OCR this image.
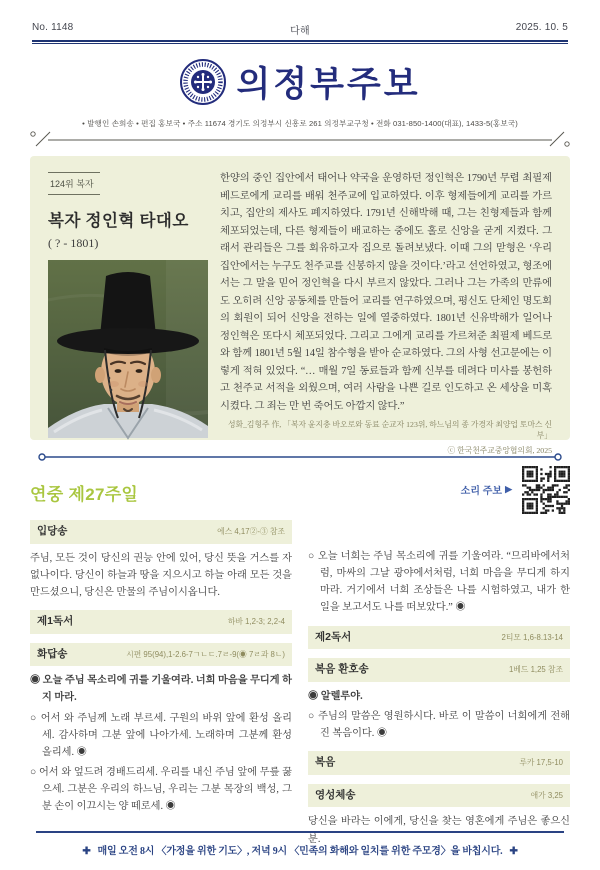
No. 1148	다해	2025. 10. 5
의정부주보
• 발행인 손희송 • 편집 홍보국 • 주소 11674 경기도 의정부시 신흥로 261 의정부교구청 • 전화 031-850-1400(대표), 1433-5(홍보국)
124위 복자
복자 정인혁 타대오
( ? - 1801)

한양의 중인 집안에서 태어나 약국을 운영하던 정인혁은 1790년 무렵 최필제 베드로에게 교리를 배워 천주교에 입교하였다. 이후 형제들에게 교리를 가르치고, 집안의 제사도 폐지하였다. 1791년 신해박해 때, 그는 친형제들과 함께 체포되었는데, 다른 형제들이 배교하는 중에도 홀로 신앙을 굳게 지켰다. 그래서 관리들은 그를 회유하고자 집으로 돌려보냈다. 이때 그의 맏형은 ‘우리 집안에서는 누구도 천주교를 신봉하지 않을 것이다.’라고 선언하였고, 형조에서는 그 말을 믿어 정인혁을 다시 부르지 않았다. 그러나 그는 가족의 만류에도 오히려 신앙 공동체를 만들어 교리를 연구하였으며, 평신도 단체인 명도회의 회원이 되어 신앙을 전하는 일에 열중하였다. 1801년 신유박해가 일어나 정인혁은 또다시 체포되었다. 그리고 그에게 교리를 가르쳐준 최필제 베드로와 함께 1801년 5월 14일 참수형을 받아 순교하였다. 그의 사형 선고문에는 이렇게 적혀 있었다. “… 매월 7일 동료들과 함께 신부를 데려다 미사를 봉헌하고 천주교 서적을 외웠으며, 여러 사람을 나쁜 길로 인도하고 온 세상을 미혹시켰다. 그 죄는 만 번 죽어도 아깝지 않다.”

성화_김형주 作, 「복자 윤지충 바오로와 동료 순교자 123위, 하느님의 종 가경자 최양업 토마스 신부」
ⓒ 한국천주교중앙협의회, 2025
연중 제27주일	소리 주보 ▶
입당송	에스 4,17②-③ 참조

주님, 모든 것이 당신의 권능 안에 있어, 당신 뜻을 거스를 자 없나이다. 당신이 하늘과 땅을 지으시고 하늘 아래 모든 것을 만드셨으니, 당신은 만물의 주님이시옵니다.

제1독서	하바 1,2-3; 2,2-4
화답송	시편 95(94),1-2.6-7ㄱㄴㄷ.7ㄹ-9(◉ 7ㄹ과 8ㄴ)

◉ 오늘 주님 목소리에 귀를 기울여라. 너희 마음을 무디게 하지 마라.

○ 어서 와 주님께 노래 부르세. 구원의 바위 앞에 환성 올리세. 감사하며 그분 앞에 나아가세. 노래하며 그분께 환성 올리세. ◉

○ 어서 와 엎드려 경배드리세. 우리를 내신 주님 앞에 무릎 꿇으세. 그분은 우리의 하느님, 우리는 그분 목장의 백성, 그분 손이 이끄시는 양 떼로세. ◉

○ 오늘 너희는 주님 목소리에 귀를 기울여라. “므리바에서처럼, 마싸의 그날 광야에서처럼, 너희 마음을 무디게 하지 마라. 거기에서 너희 조상들은 나를 시험하였고, 내가 한 일을 보고서도 나를 떠보았다.” ◉

제2독서	2티모 1,6-8.13-14
복음 환호송	1베드 1,25 참조

◉ 알렐루야.

○ 주님의 말씀은 영원하시다. 바로 이 말씀이 너희에게 전해진 복음이다. ◉

복음	루카 17,5-10
영성체송	애가 3,25

당신을 바라는 이에게, 당신을 찾는 영혼에게 주님은 좋으신 분.

✚ 매일 오전 8시 〈가정을 위한 기도〉, 저녁 9시 〈민족의 화해와 일치를 위한 주모경〉을 바칩시다. ✚
